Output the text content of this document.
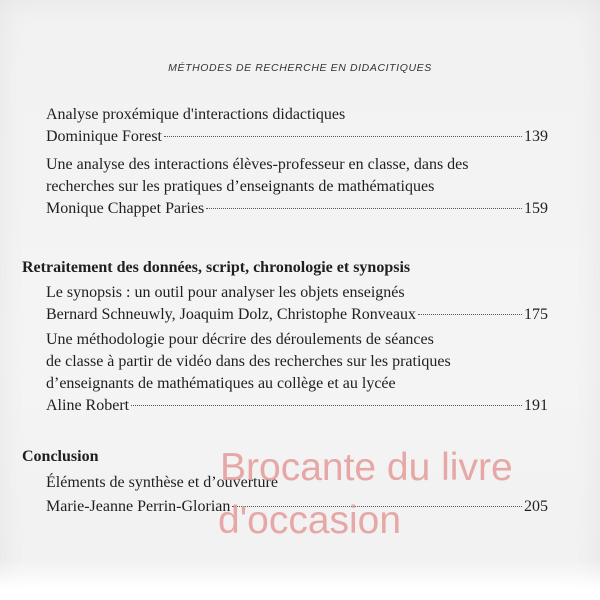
MÉTHODES DE RECHERCHE EN DIDACITIQUES
Analyse proxémique d'interactions didactiques
Dominique Forest	139
Une analyse des interactions élèves-professeur en classe, dans des
recherches sur les pratiques d’enseignants de mathématiques
Monique Chappet Paries	159
Retraitement des données, script, chronologie et synopsis
Le synopsis : un outil pour analyser les objets enseignés
Bernard Schneuwly, Joaquim Dolz, Christophe Ronveaux	175
Une méthodologie pour décrire des déroulements de séances
de classe à partir de vidéo dans des recherches sur les pratiques
d’enseignants de mathématiques au collège et au lycée
Aline Robert	191
Conclusion
Éléments de synthèse et d’ouverture
Marie-Jeanne Perrin-Glorian	205
Brocante du livre
d'occasion
